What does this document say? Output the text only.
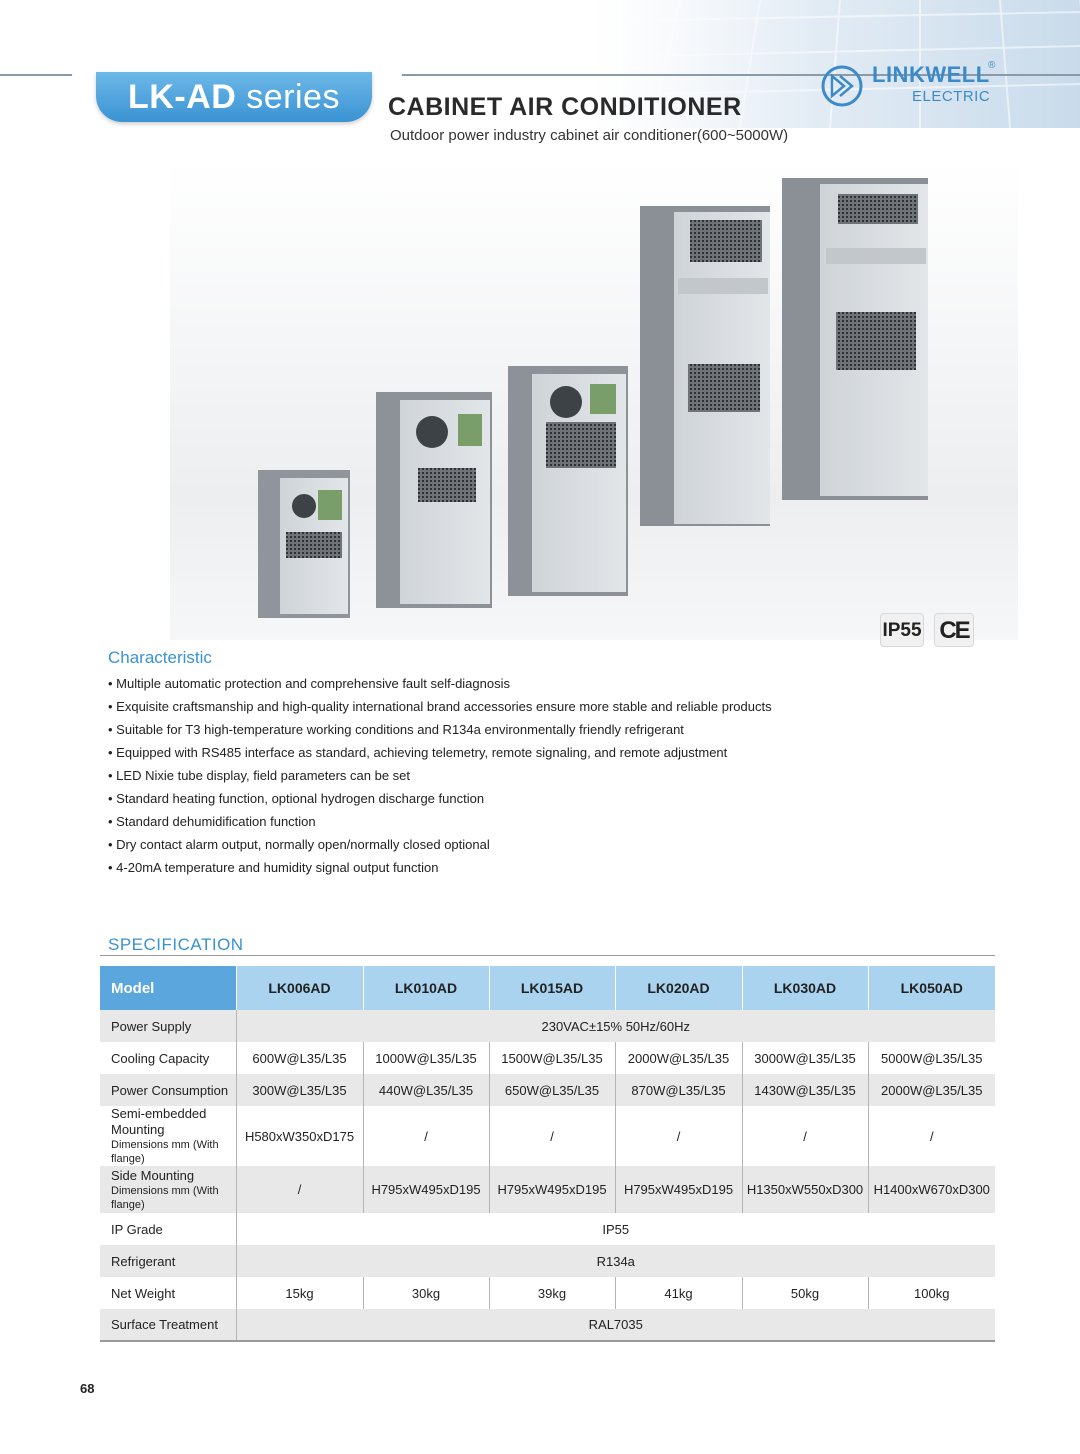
LK-AD series	CABINET AIR CONDITIONER
Outdoor power industry cabinet air conditioner(600~5000W)
LINKWELL
®
ELECTRIC
IP55 CE
Characteristic
• Multiple automatic protection and comprehensive fault self-diagnosis
• Exquisite craftsmanship and high-quality international brand accessories ensure more stable and reliable products
• Suitable for T3 high-temperature working conditions and R134a environmentally friendly refrigerant
• Equipped with RS485 interface as standard, achieving telemetry, remote signaling, and remote adjustment
• LED Nixie tube display, field parameters can be set
• Standard heating function, optional hydrogen discharge function
• Standard dehumidification function
• Dry contact alarm output, normally open/normally closed optional
• 4-20mA temperature and humidity signal output function
SPECIFICATION
Model	LK006AD	LK010AD	LK015AD	LK020AD	LK030AD	LK050AD
Power Supply	230VAC±15% 50Hz/60Hz					
Cooling Capacity	600W@L35/L35	1000W@L35/L35	1500W@L35/L35	2000W@L35/L35	3000W@L35/L35	5000W@L35/L35
Power Consumption	300W@L35/L35	440W@L35/L35	650W@L35/L35	870W@L35/L35	1430W@L35/L35	2000W@L35/L35

Semi-embedded Mounting
Dimensions mm (With flange)	H580xW350xD175	/	/	/	/	/

Side Mounting
Dimensions mm (With flange)	/	H795xW495xD195	H795xW495xD195	H795xW495xD195	H1350xW550xD300	H1400xW670xD300
IP Grade	IP55					
Refrigerant	R134a					
Net Weight	15kg	30kg	39kg	41kg	50kg	100kg
Surface Treatment	RAL7035					
68
